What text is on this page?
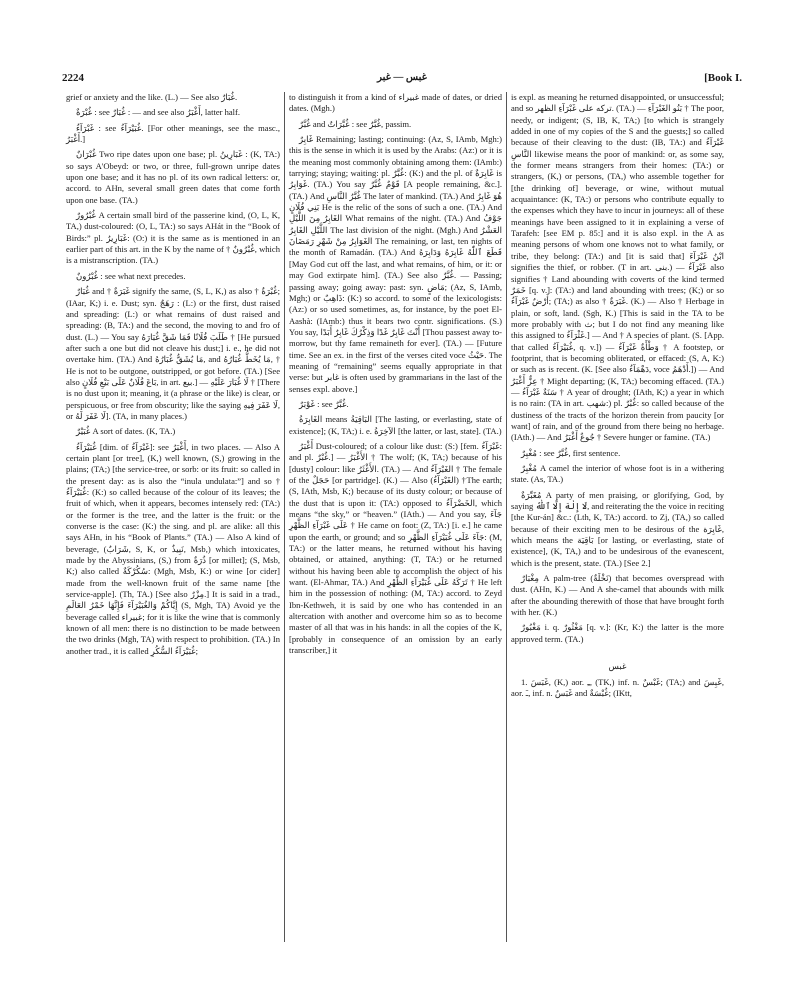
2224	غبس — غبر	[Book I.

grief or anxiety and the like. (L.) — See also غُبَارٌ.

غُبْرَةٌ : see غُبَارٌ : — and see also أَغْبَرُ, latter half.

غَبْرَآءُ : see غُبَيْرَآءُ. [For other meanings, see the masc., أَغْبَرُ.]

غُبْرَانٌ Two ripe dates upon one base; pl. غَبَارِينُ : (K, TA:) so says A'Obeyd: or two, or three, full-grown unripe dates upon one base; and it has no pl. of its own radical letters: or, accord. to AHn, several small green dates that come forth upon one base. (TA.)

غُبْرُورٌ A certain small bird of the passerine kind, (O, L, K, TA,) dust-coloured: (O, L, TA:) so says AHát in the “Book of Birds:” pl. غَبَارِيرُ: (O:) it is the same as is mentioned in an earlier part of this art. in the K by the name of † غُبْرُونٌ, which is a mistranscription. (TA.)

غُبْرُونٌ : see what next precedes.

غُبَارٌ and † غَبَرَةٌ signify the same, (S, L, K,) as also † غُبْرَةٌ; (IAar, K;) i. e. Dust; syn. رَهَجٌ : (L:) or the first, dust raised and spreading: (L:) or what remains of dust raised and spreading: (B, TA:) and the second, the moving to and fro of dust. (L.) — You say طَلَبَ فُلَانًا فَمَا شَقَّ غُبَارَهُ † [He pursued after such a one but did not cleave his dust;] i. e., he did not overtake him. (TA.) And مَا يُشَقُّ غُبَارُهُ, and مَا يُخَطُّ غُبَارُهُ, † He is not to be outgone, outstripped, or got before. (TA.) [See also بَاعَ فُلَانٌ عَلَى بَيْعِ فُلَانٍ, in art. بيع.] — لَا غُبَارَ عَلَيْهِ † [There is no dust upon it; meaning, it (a phrase or the like) is clear, or perspicuous, or free from obscurity; like the saying لَا عَفَرَ فِيهِ, or لَا عَفَرَ لَهُ]. (TA, in many places.)

غُبَيْرٌ A sort of dates. (K, TA.)

غُبَيْرَآءُ [dim. of غَبْرَآءُ]: see أَغْبَرُ, in two places. — Also A certain plant [or tree], (K,) well known, (S,) growing in the plains; (TA;) [the service-tree, or sorb: or its fruit: so called in the present day: as is also the “inula undulata:”] and so † غُبَيْرَآءُ: (K:) so called because of the colour of its leaves; the fruit of which, when it appears, becomes intensely red: (TA:) or the former is the tree, and the latter is the fruit: or the converse is the case: (K:) the sing. and pl. are alike: all this says AHn, in his “Book of Plants.” (TA.) — Also A kind of beverage, (شَرَابٌ, S, K, or نَبِيذٌ, Msb,) which intoxicates, made by the Abyssinians, (S,) from ذُرَةٌ [or millet]; (S, Msb, K;) also called سُكُرْكَةٌ: (Mgh, Msb, K:) or wine [or cider] made from the well-known fruit of the same name [the service-apple]. (Th, TA.) [See also مِزْرٌ.] It is said in a trad., إِيَّاكُمْ وَالغُبَيْرَآءَ فَإِنَّهَا خَمْرُ العَالَمِ (S, Mgh, TA) Avoid ye the beverage called غبيراء; for it is like the wine that is commonly known of all men: there is no distinction to be made between the two drinks (Mgh, TA) with respect to prohibition. (TA.) In another trad., it is called غُبَيْرَآءُ السُّكُرِ;

to distinguish it from a kind of غبيراء made of dates, or dried dates. (Mgh.)

غُبَّرٌ and غُبَّرَاتٌ : see غُبَّرٌ, passim.

غَابِرٌ Remaining; lasting; continuing: (Az, S, IAmb, Mgh:) this is the sense in which it is used by the Arabs: (Az:) or it is the meaning most commonly obtaining among them: (IAmb:) tarrying; staying; waiting: pl. غُبَّرٌ: (K:) and the pl. of غَابِرَةٌ is غَوَابِرُ. (TA.) You say قَوْمٌ غُبَّرٌ [A people remaining, &c.]. (TA.) And غُبَّرُ النَّاسِ The later of mankind. (TA.) And هُوَ غَابِرُ بَنِي فُلَانٍ He is the relic of the sons of such a one. (TA.) And الغَابِرُ مِنَ اللَّيْلِ What remains of the night. (TA.) And جَوْفُ اللَّيْلِ الغَابِرُ The last division of the night. (Mgh.) And العَشْرُ الغَوَابِرُ مِنْ شَهْرِ رَمَضَانَ The remaining, or last, ten nights of the month of Ramadán. (TA.) And قَطَعَ ٱللّٰهُ غَابِرَهُ وَدَابِرَهُ [May God cut off the last, and what remains, of him, or it: or may God extirpate him]. (TA.) See also غُبَّرٌ. — Passing; passing away; going away: past: syn. مَاضٍ; (Az, S, IAmb, Mgh;) or ذَاهِبٌ: (K:) so accord. to some of the lexicologists: (Az:) or so used sometimes, as, for instance, by the poet El-Aashà: (IAmb:) thus it bears two contr. significations. (S.) You say, أَنْتَ غَابِرٌ غَدًا وَذِكْرُكَ غَابِرٌ أَبَدًا [Thou passest away to-morrow, but thy fame remaineth for ever]. (TA.) — [Future time. See an ex. in the first of the verses cited voce حَيْثُ. The meaning of “remaining” seems equally appropriate in that verse: but غابر is often used by grammarians in the last of the senses expl. above.]

غَوْبَرٌ : see غُبَّرٌ.

الغَابِرَةُ means البَاقِيَةُ [The lasting, or everlasting, state of existence]; (K, TA;) i. e. الآخِرَةُ [the latter, or last, state]. (TA.)

أَغْبَرُ Dust-coloured; of a colour like dust: (S:) [fem. غَبْرَآءُ: and pl. غُبْرٌ.] — الأَغْبَرُ † The wolf; (K, TA;) because of his [dusty] colour: like الأَغْثَرُ. (TA.) — And الغَبْرَآءُ † The female of the حَجَلٌ [or partridge]. (K.) — Also (الغَبْرَآءُ) †The earth; (S, IAth, Msb, K;) because of its dusty colour; or because of the dust that is upon it: (TA:) opposed to الخَضْرَآءُ, which means “the sky,” or “heaven.” (IAth.) — And you say, جَآءَ عَلَى غَبْرَآءِ الظَّهْرِ † He came on foot: (Z, TA:) [i. e.] he came upon the earth, or ground; and so جَآءَ عَلَى غُبَيْرَآءِ الظَّهْرِ: (M, TA:) or the latter means, he returned without his having obtained, or attained, anything: (T, TA:) or he returned without his having been able to accomplish the object of his want. (El-Ahmar, TA.) And تَرَكَهُ عَلَى غُبَيْرَآءِ الظَّهْرِ † He left him in the possession of nothing: (M, TA:) accord. to Zeyd Ibn-Kethweh, it is said by one who has contended in an altercation with another and overcome him so as to become master of all that was in his hands: in all the copies of the K, [probably in consequence of an omission by an early transcriber,] it

is expl. as meaning he returned disappointed, or unsuccessful; and so تركه على غَبْرَآءِ الظهر. (TA.) — بَنُو الغَبْرَآءِ † The poor, needy, or indigent; (S, IB, K, TA;) [to which is strangely added in one of my copies of the S and the guests;] so called because of their cleaving to the dust: (IB, TA:) and غَبْرَآءُ النَّاسِ likewise means the poor of mankind: or, as some say, the former means strangers from their homes: (TA:) or strangers, (K,) or persons, (TA,) who assemble together for [the drinking of] beverage, or wine, without mutual acquaintance: (K, TA:) or persons who contribute equally to the expenses which they have to incur in journeys: all of these meanings have been assigned to it in explaining a verse of Tarafeh: [see EM p. 85:] and it is also expl. in the A as meaning persons of whom one knows not to what family, or tribe, they belong: (TA:) and [it is said that] ابْنُ غَبْرَآءَ signifies the thief, or robber. (T in art. بنى.) — غَبْرَآءُ also signifies † Land abounding with coverts of the kind termed خَمَرٌ [q. v.]: (TA:) and land abounding with trees; (K;) or so أَرْضٌ غَبْرَآءُ; (TA;) as also † غَبَرَةٌ. (K.) — Also † Herbage in plain, or soft, land. (Sgh, K.) [This is said in the TA to be more probably with ث; but I do not find any meaning like this assigned to غَثْرَآءُ.] — And † A species of plant. (S. [App. that called غُبَيْرَآءُ, q. v.]) — وَطْأَةٌ غَبْرَآءُ † A footstep, or footprint, that is becoming obliterated, or effaced: (S, A, K:) or such as is recent. (K. [See also دَهْمَآءُ, voce أَدْهَمُ.]) — And عِزٌّ أَغْبَرُ † Might departing; (K, TA;) becoming effaced. (TA.) — سَنَةٌ غَبْرَآءُ † A year of drought; (IAth, K;) a year in which is no rain: (TA in art. شهب:) pl. غُبْرٌ: so called because of the dustiness of the tracts of the horizon therein from paucity [or want] of rain, and of the ground from there being no herbage. (IAth.) — And جُوعٌ أَغْبَرُ † Severe hunger or famine. (TA.)

مُغْبِرٌ : see غُبَّرٌ, first sentence.

مُغْبِرٌ A camel the interior of whose foot is in a withering state. (As, TA.)

مُغَبِّرَةٌ A party of men praising, or glorifying, God, by saying لَا إِلٰهَ إِلَّا ٱللّٰهُ, and reiterating the the voice in reciting [the Kur-án] &c.: (Lth, K, TA:) accord. to Zj, (TA,) so called because of their exciting men to be desirous of the غَابِرَة, which means the بَاقِيَة [or lasting, or everlasting, state of existence], (K, TA,) and to be undesirous of the evanescent, which is the present, state. (TA.) [See 2.]

مِغْبَارٌ A palm-tree (نَخْلَةٌ) that becomes overspread with dust. (AHn, K.) — And A she-camel that abounds with milk after the abounding therewith of those that have brought forth with her. (K.)

مَغْبُورٌ i. q. مَغْثُورٌ [q. v.]: (Kr, K:) the latter is the more approved term. (TA.)

غبس

1. غَبَسَ, (K,) aor. ـِ, (TK,) inf. n. غَبْسٌ; (TA;) and غَبِسَ, aor. ـَ, inf. n. غَبَسٌ and غُبْسَةٌ; (IKtt,
